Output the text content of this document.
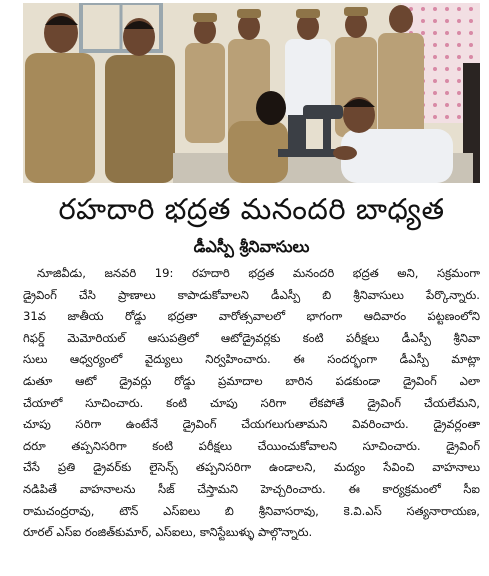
రహదారి భద్రత మనందరి బాధ్యత
డీఎస్పీ శ్రీనివాసులు
నూజివీడు, జనవరి 19: రహదారి భద్రత మనందరి భద్రత అని, సక్రమంగా
డ్రైవింగ్ చేసి ప్రాణాలు కాపాడుకోవాలని డీఎస్పీ బి శ్రీనివాసులు పేర్కొన్నారు.
31వ జాతీయ రోడ్డు భద్రతా వారోత్సవాలలో భాగంగా ఆదివారం పట్టణంలోని
గిఫర్డ్ మెమోరియల్ ఆసుపత్రిలో ఆటోడ్రైవర్లకు కంటి పరీక్షలు డీఎస్పీ శ్రీనివా
సులు ఆధ్వర్యంలో వైద్యులు నిర్వహించారు. ఈ సందర్భంగా డీఎస్పీ మాట్లా
డుతూ ఆటో డ్రైవర్లు రోడ్డు ప్రమాదాల బారిన పడకుండా డ్రైవింగ్ ఎలా
చేయాలో సూచించారు. కంటి చూపు సరిగా లేకపోతే డ్రైవింగ్ చేయలేమని,
చూపు సరిగా ఉంటేనే డ్రైవింగ్ చేయగలుగుతామని వివరించారు. డ్రైవర్లంతా
దరూ తప్పనిసరిగా కంటి పరీక్షలు చేయించుకోవాలని సూచించారు. డ్రైవింగ్
చేసే ప్రతి డ్రైవర్‌కు లైసెన్స్ తప్పనిసరిగా ఉండాలని, మద్యం సేవించి వాహనాలు
నడిపితే వాహనాలను సీజ్ చేస్తామని హెచ్చరించారు. ఈ కార్యక్రమంలో సీఐ
రామచంద్రరావు, టౌన్ ఎస్ఐలు బి శ్రీనివాసరావు, కె.వి.ఎస్ సత్యనారాయణ,
రూరల్ ఎస్ఐ రంజిత్‌కుమార్, ఎస్ఐలు, కానిస్టేబుళ్ళు పాల్గొన్నారు.
